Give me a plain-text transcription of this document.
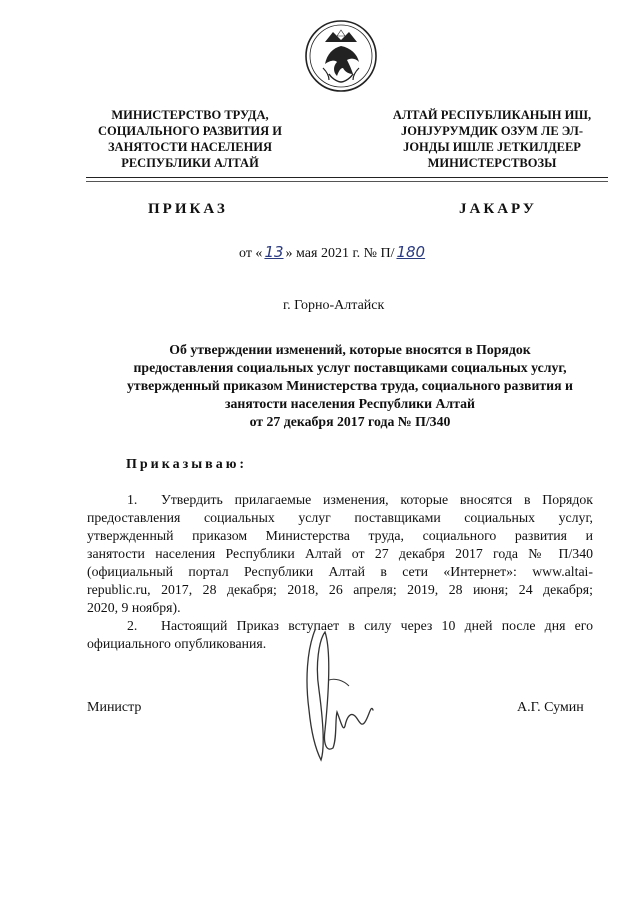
МИНИСТЕРСТВО ТРУДА,
СОЦИАЛЬНОГО РАЗВИТИЯ И
ЗАНЯТОСТИ НАСЕЛЕНИЯ
РЕСПУБЛИКИ АЛТАЙ
АЛТАЙ РЕСПУБЛИКАНЫН ИШ,
ЈОНЈУРУМДИК ОЗУМ ЛЕ ЭЛ-
ЈОНДЫ ИШЛЕ ЈЕТКИЛДЕЕР
МИНИСТЕРСТВОЗЫ
ПРИКАЗ	ЈАКАРУ
от « 13 » мая 2021 г. № П/ 180
г. Горно-Алтайск
Об утверждении изменений, которые вносятся в Порядок
предоставления социальных услуг поставщиками социальных услуг,
утвержденный приказом Министерства труда, социального развития и
занятости населения Республики Алтай
от 27 декабря 2017 года № П/340
Приказываю:
1. Утвердить прилагаемые изменения, которые вносятся в Порядок
предоставления социальных услуг поставщиками социальных услуг,
утвержденный приказом Министерства труда, социального развития и
занятости населения Республики Алтай от 27 декабря 2017 года № П/340
(официальный портал Республики Алтай в сети «Интернет»: www.altai-
republic.ru, 2017, 28 декабря; 2018, 26 апреля; 2019, 28 июня; 24 декабря;
2020, 9 ноября).
2. Настоящий Приказ вступает в силу через 10 дней после дня его
официального опубликования.
Министр	А.Г. Сумин
